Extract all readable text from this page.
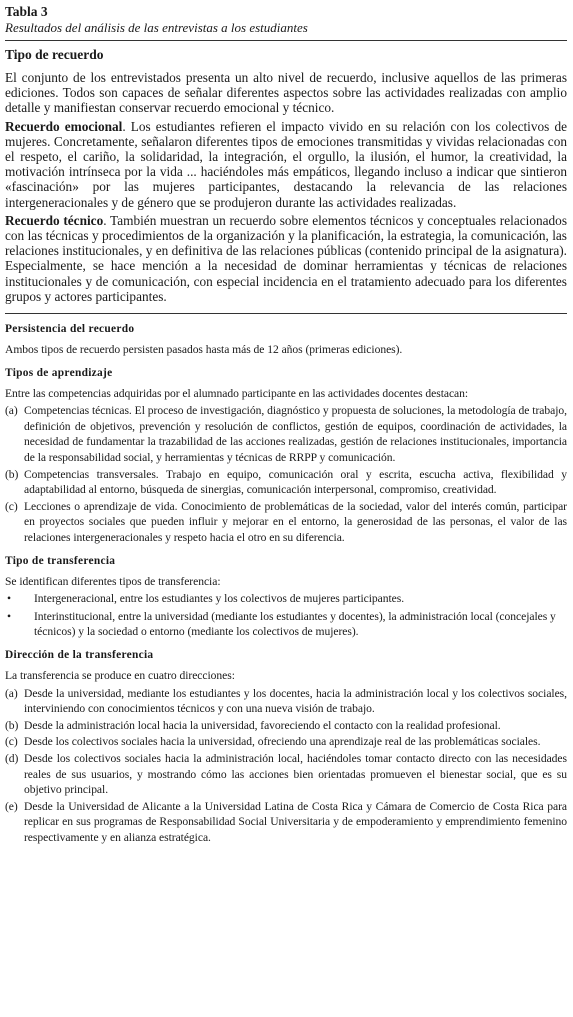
Tabla 3

Resultados del análisis de las entrevistas a los estudiantes

Tipo de recuerdo

El conjunto de los entrevistados presenta un alto nivel de recuerdo, inclusive aquellos de las primeras ediciones. Todos son capaces de señalar diferentes aspectos sobre las actividades realizadas con amplio detalle y manifiestan conservar recuerdo emocional y técnico.

Recuerdo emocional. Los estudiantes refieren el impacto vivido en su relación con los colectivos de mujeres. Concretamente, señalaron diferentes tipos de emociones transmitidas y vividas relacionadas con el respeto, el cariño, la solidaridad, la integración, el orgullo, la ilusión, el humor, la creatividad, la motivación intrínseca por la vida ... haciéndoles más empáticos, llegando incluso a indicar que sintieron «fascinación» por las mujeres participantes, destacando la relevancia de las relaciones intergeneracionales y de género que se produjeron durante las actividades realizadas.

Recuerdo técnico. También muestran un recuerdo sobre elementos técnicos y conceptuales relacionados con las técnicas y procedimientos de la organización y la planificación, la estrategia, la comunicación, las relaciones institucionales, y en definitiva de las relaciones públicas (contenido principal de la asignatura). Especialmente, se hace mención a la necesidad de dominar herramientas y técnicas de relaciones institucionales y de comunicación, con especial incidencia en el tratamiento adecuado para los diferentes grupos y actores participantes.

Persistencia del recuerdo

Ambos tipos de recuerdo persisten pasados hasta más de 12 años (primeras ediciones).

Tipos de aprendizaje

Entre las competencias adquiridas por el alumnado participante en las actividades docentes destacan:

(a) Competencias técnicas. El proceso de investigación, diagnóstico y propuesta de soluciones, la metodología de trabajo, definición de objetivos, prevención y resolución de conflictos, gestión de equipos, coordinación de actividades, la necesidad de fundamentar la trazabilidad de las acciones realizadas, gestión de relaciones institucionales, importancia de la responsabilidad social, y herramientas y técnicas de RRPP y comunicación.
(b) Competencias transversales. Trabajo en equipo, comunicación oral y escrita, escucha activa, flexibilidad y adaptabilidad al entorno, búsqueda de sinergias, comunicación interpersonal, compromiso, creatividad.
(c) Lecciones o aprendizaje de vida. Conocimiento de problemáticas de la sociedad, valor del interés común, participar en proyectos sociales que pueden influir y mejorar en el entorno, la generosidad de las personas, el valor de las relaciones intergeneracionales y respeto hacia el otro en su diferencia.
Tipo de transferencia

Se identifican diferentes tipos de transferencia:

•	Intergeneracional, entre los estudiantes y los colectivos de mujeres participantes.
•	Interinstitucional, entre la universidad (mediante los estudiantes y docentes), la administración local (concejales y técnicos) y la sociedad o entorno (mediante los colectivos de mujeres).
Dirección de la transferencia

La transferencia se produce en cuatro direcciones:

(a) Desde la universidad, mediante los estudiantes y los docentes, hacia la administración local y los colectivos sociales, interviniendo con conocimientos técnicos y con una nueva visión de trabajo.
(b) Desde la administración local hacia la universidad, favoreciendo el contacto con la realidad profesional.
(c) Desde los colectivos sociales hacia la universidad, ofreciendo una aprendizaje real de las problemáticas sociales.
(d) Desde los colectivos sociales hacia la administración local, haciéndoles tomar contacto directo con las necesidades reales de sus usuarios, y mostrando cómo las acciones bien orientadas promueven el bienestar social, que es su objetivo principal.
(e) Desde la Universidad de Alicante a la Universidad Latina de Costa Rica y Cámara de Comercio de Costa Rica para replicar en sus programas de Responsabilidad Social Universitaria y de empoderamiento y emprendimiento femenino respectivamente y en alianza estratégica.
